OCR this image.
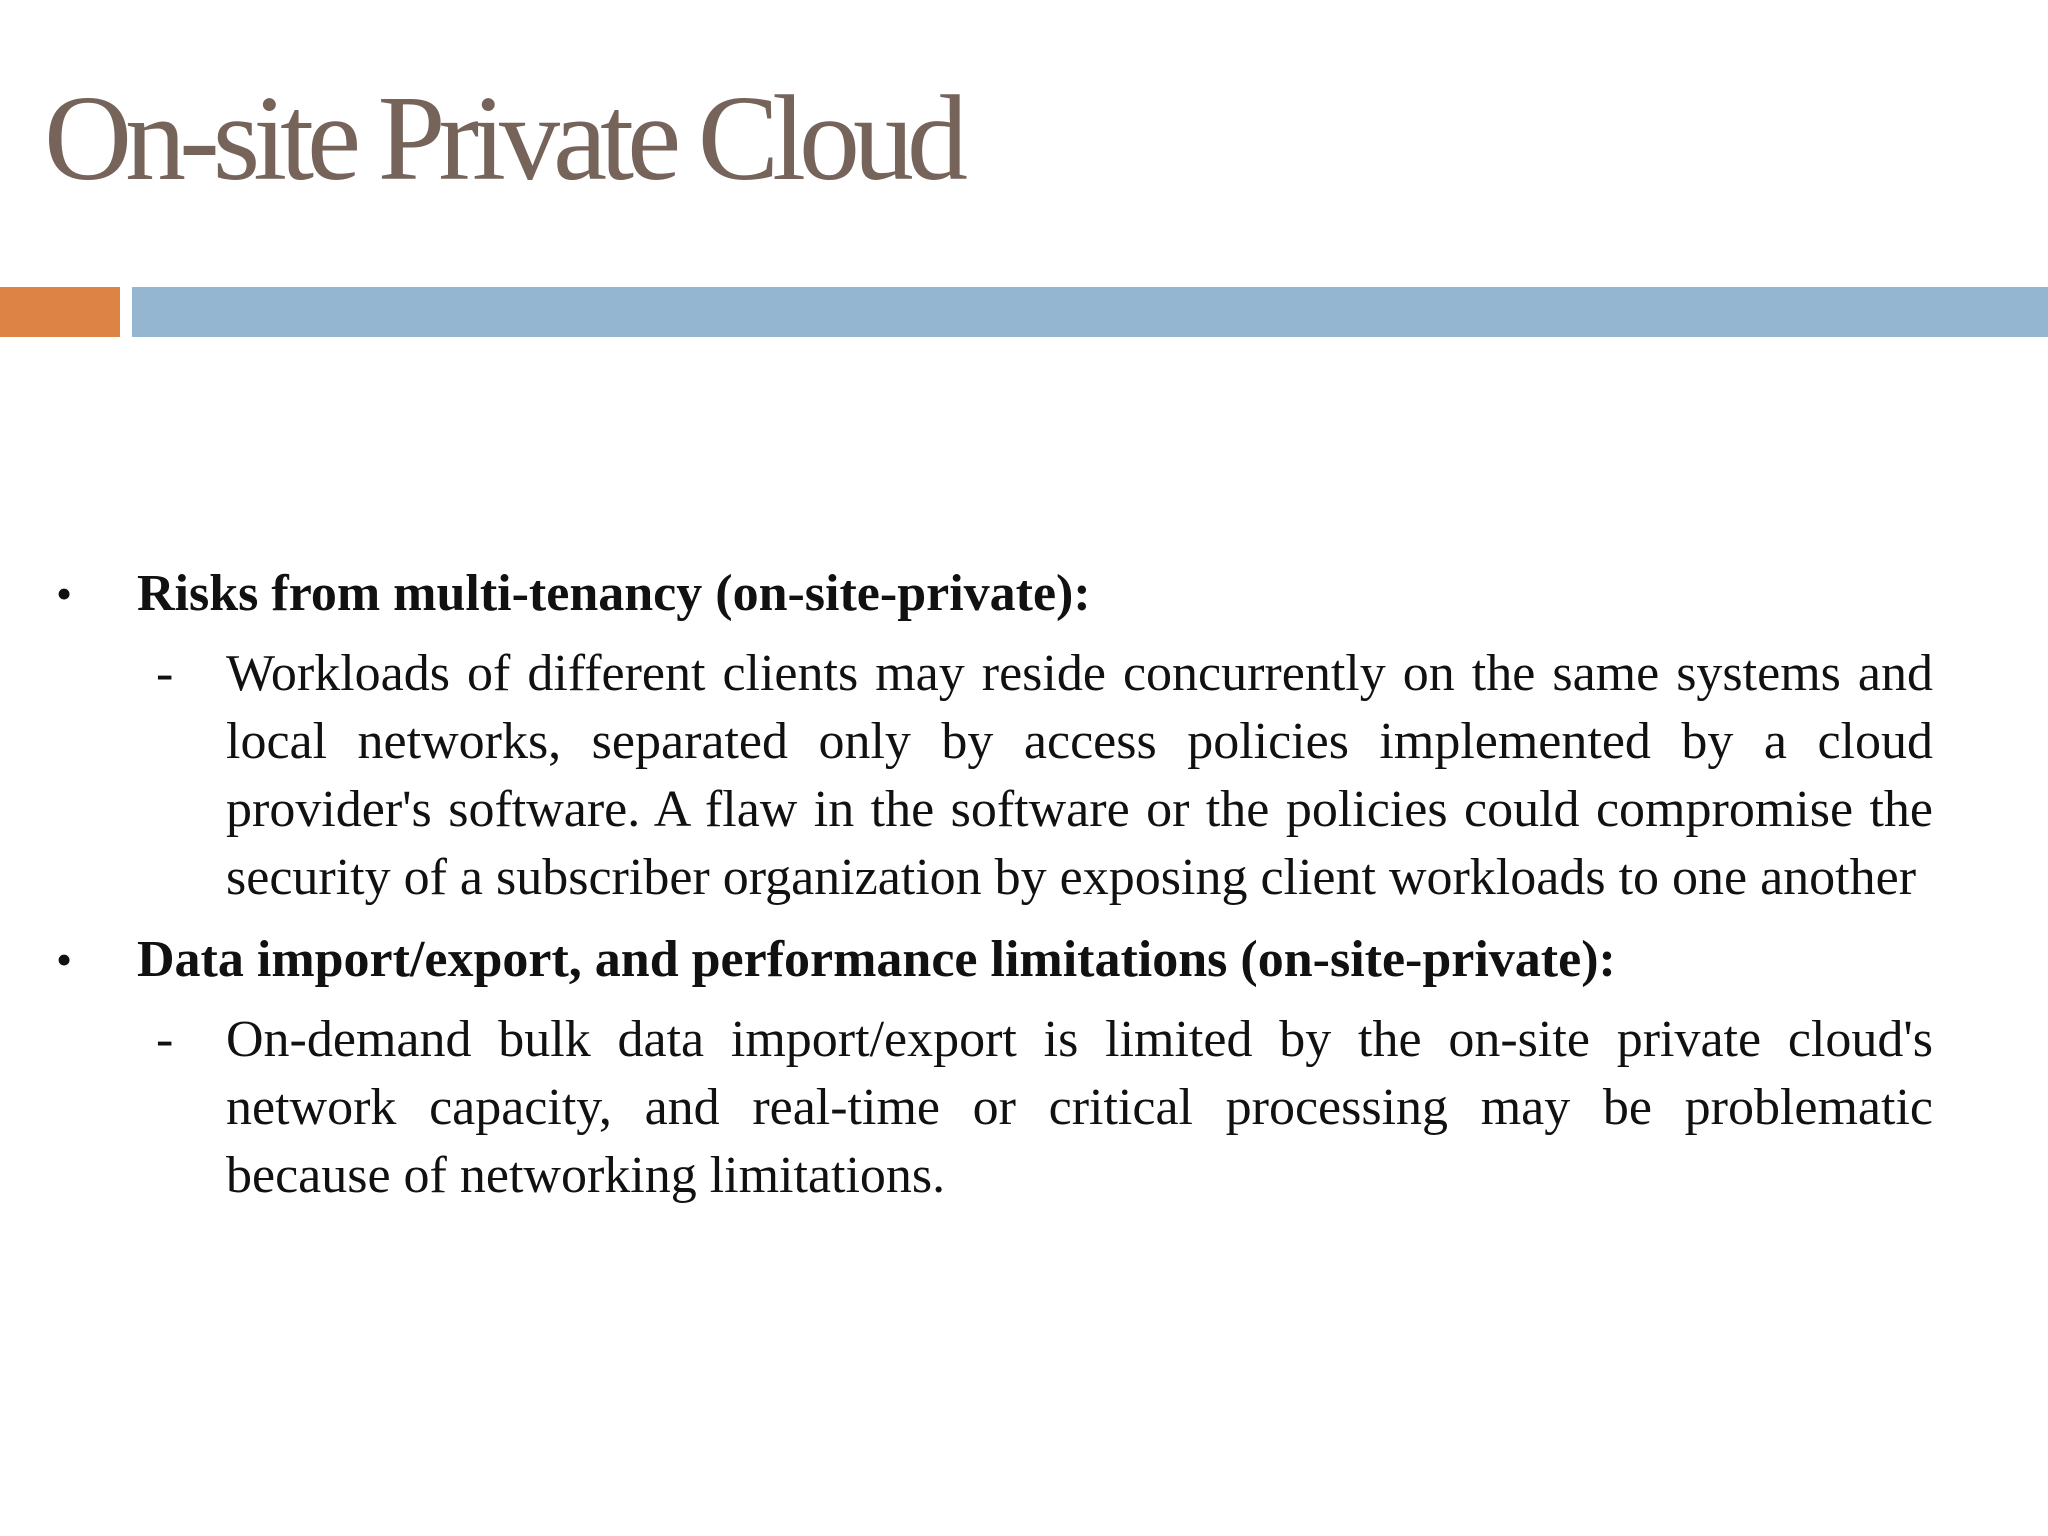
On-site Private Cloud
• Risks from multi-tenancy (on-site-private):
- Workloads of different clients may reside concurrently on the same systems and local networks, separated only by access policies implemented by a cloud provider's software. A flaw in the software or the policies could compromise the security of a subscriber organization by exposing client workloads to one another
• Data import/export, and performance limitations (on-site-private):
- On-demand bulk data import/export is limited by the on-site private cloud's network capacity, and real-time or critical processing may be problematic because of networking limitations.
